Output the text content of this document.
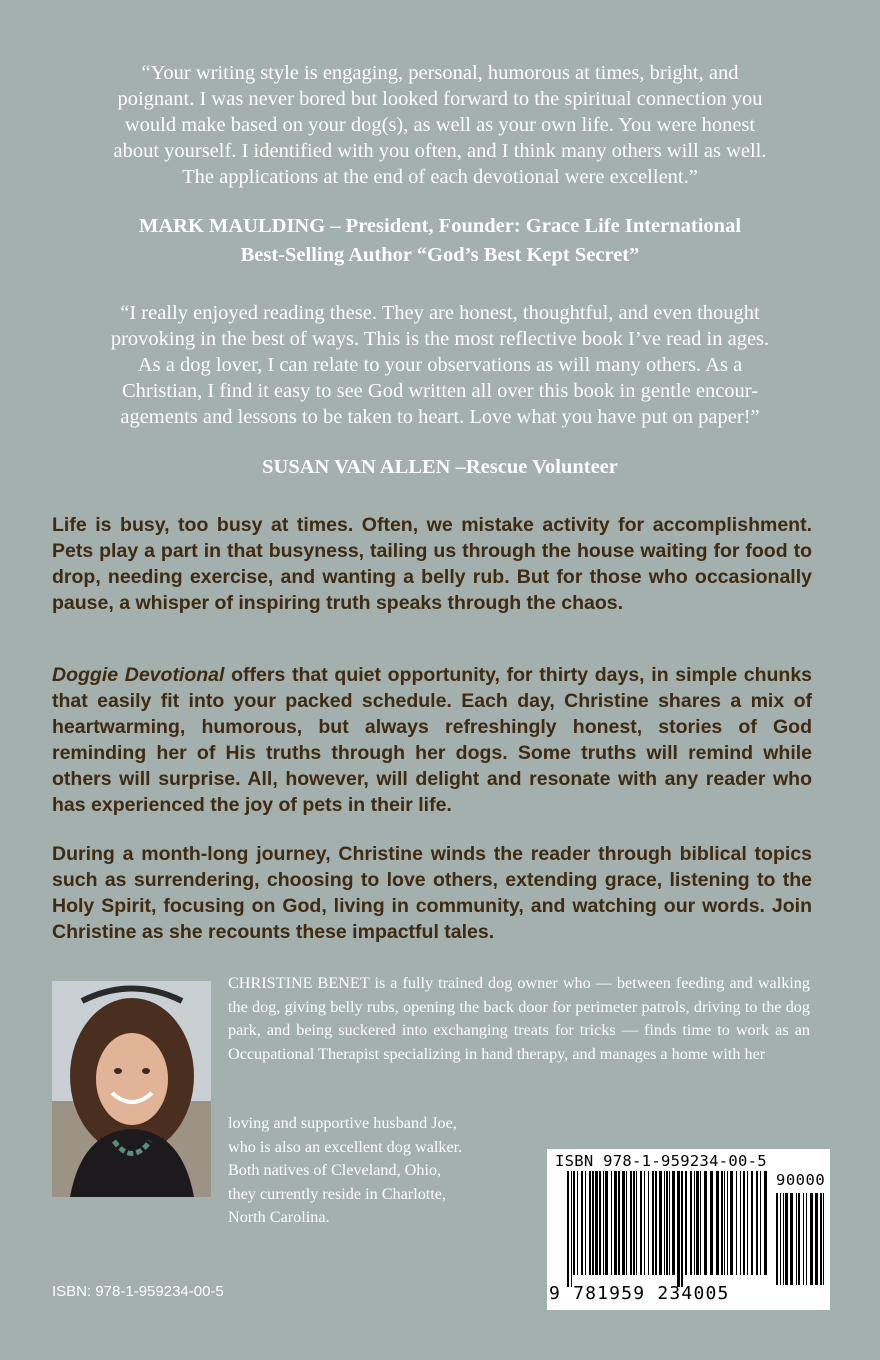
“Your writing style is engaging, personal, humorous at times, bright, and
poignant. I was never bored but looked forward to the spiritual connection you
would make based on your dog(s), as well as your own life. You were honest
about yourself. I identified with you often, and I think many others will as well.
The applications at the end of each devotional were excellent.”
MARK MAULDING – President, Founder: Grace Life International
Best-Selling Author “God’s Best Kept Secret”
“I really enjoyed reading these. They are honest, thoughtful, and even thought
provoking in the best of ways. This is the most reflective book I’ve read in ages.
As a dog lover, I can relate to your observations as will many others. As a
Christian, I find it easy to see God written all over this book in gentle encour-
agements and lessons to be taken to heart. Love what you have put on paper!”
SUSAN VAN ALLEN –Rescue Volunteer

Life is busy, too busy at times. Often, we mistake activity for accomplishment. Pets play a part in that busyness, tailing us through the house waiting for food to drop, needing exercise, and wanting a belly rub. But for those who occasionally pause, a whisper of inspiring truth speaks through the chaos.

Doggie Devotional offers that quiet opportunity, for thirty days, in simple chunks that easily fit into your packed schedule. Each day, Christine shares a mix of heartwarming, humorous, but always refreshingly honest, stories of God reminding her of His truths through her dogs. Some truths will remind while others will surprise. All, however, will delight and resonate with any reader who has experienced the joy of pets in their life.

During a month-long journey, Christine winds the reader through biblical topics such as surrendering, choosing to love others, extending grace, listening to the Holy Spirit, focusing on God, living in community, and watching our words. Join Christine as she recounts these impactful tales.

CHRISTINE BENET is a fully trained dog owner who — between feeding and walking the dog, giving belly rubs, opening the back door for perimeter patrols, driving to the dog park, and being suckered into exchanging treats for tricks — finds time to work as an Occupational Therapist specializing in hand therapy, and manages a home with her
loving and supportive husband Joe,
who is also an excellent dog walker.
Both natives of Cleveland, Ohio,
they currently reside in Charlotte,
North Carolina.
ISBN: 978-1-959234-00-5
ISBN 978-1-959234-00-5
90000
9 781959 234005
